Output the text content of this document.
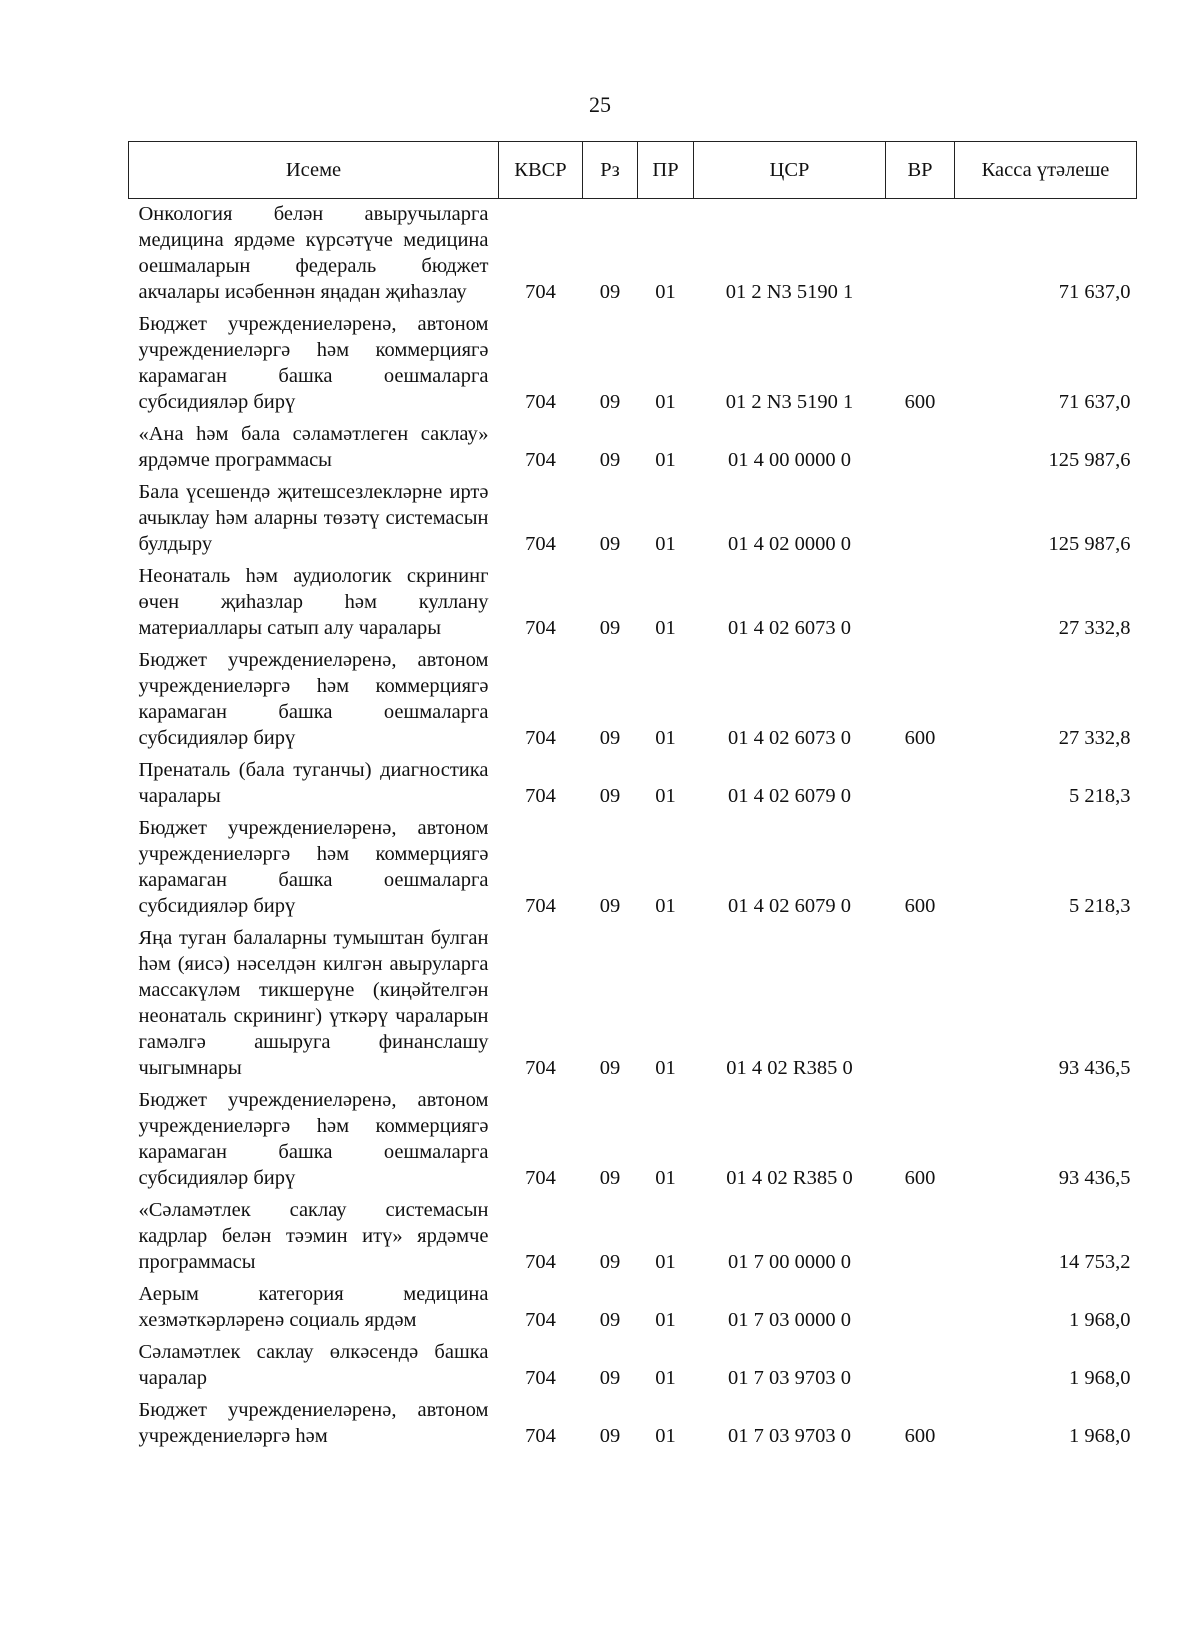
25
Исеме	КВСР	Рз	ПР	ЦСР	ВР	Касса үтәлеше
Онкология белән авыручыларга медицина ярдәме күрсәтүче медицина оешмаларын федераль бюджет акчалары исәбеннән яңадан җиһазлау	704	09	01	01 2 N3 5190 1		71 637,0
Бюджет учреждениеләренә, автоном учреждениеләргә һәм коммерциягә карамаган башка оешмаларга субсидияләр бирү	704	09	01	01 2 N3 5190 1	600	71 637,0
«Ана һәм бала сәламәтлеген саклау» ярдәмче программасы	704	09	01	01 4 00 0000 0		125 987,6
Бала үсешендә җитешсезлекләрне иртә ачыклау һәм аларны төзәтү системасын булдыру	704	09	01	01 4 02 0000 0		125 987,6
Неонаталь һәм аудиологик скрининг өчен җиһазлар һәм куллану материаллары сатып алу чаралары	704	09	01	01 4 02 6073 0		27 332,8
Бюджет учреждениеләренә, автоном учреждениеләргә һәм коммерциягә карамаган башка оешмаларга субсидияләр бирү	704	09	01	01 4 02 6073 0	600	27 332,8
Пренаталь (бала туганчы) диагностика чаралары	704	09	01	01 4 02 6079 0		5 218,3
Бюджет учреждениеләренә, автоном учреждениеләргә һәм коммерциягә карамаган башка оешмаларга субсидияләр бирү	704	09	01	01 4 02 6079 0	600	5 218,3
Яңа туган балаларны тумыштан булган һәм (яисә) нәселдән килгән авыруларга массакүләм тикшерүне (киңәйтелгән неонаталь скрининг) үткәрү чараларын гамәлгә ашыруга финанслашу чыгымнары	704	09	01	01 4 02 R385 0		93 436,5
Бюджет учреждениеләренә, автоном учреждениеләргә һәм коммерциягә карамаган башка оешмаларга субсидияләр бирү	704	09	01	01 4 02 R385 0	600	93 436,5
«Сәламәтлек саклау системасын кадрлар белән тәэмин итү» ярдәмче программасы	704	09	01	01 7 00 0000 0		14 753,2
Аерым категория медицина хезмәткәрләренә социаль ярдәм	704	09	01	01 7 03 0000 0		1 968,0
Сәламәтлек саклау өлкәсендә башка чаралар	704	09	01	01 7 03 9703 0		1 968,0
Бюджет учреждениеләренә, автоном учреждениеләргә һәм	704	09	01	01 7 03 9703 0	600	1 968,0
